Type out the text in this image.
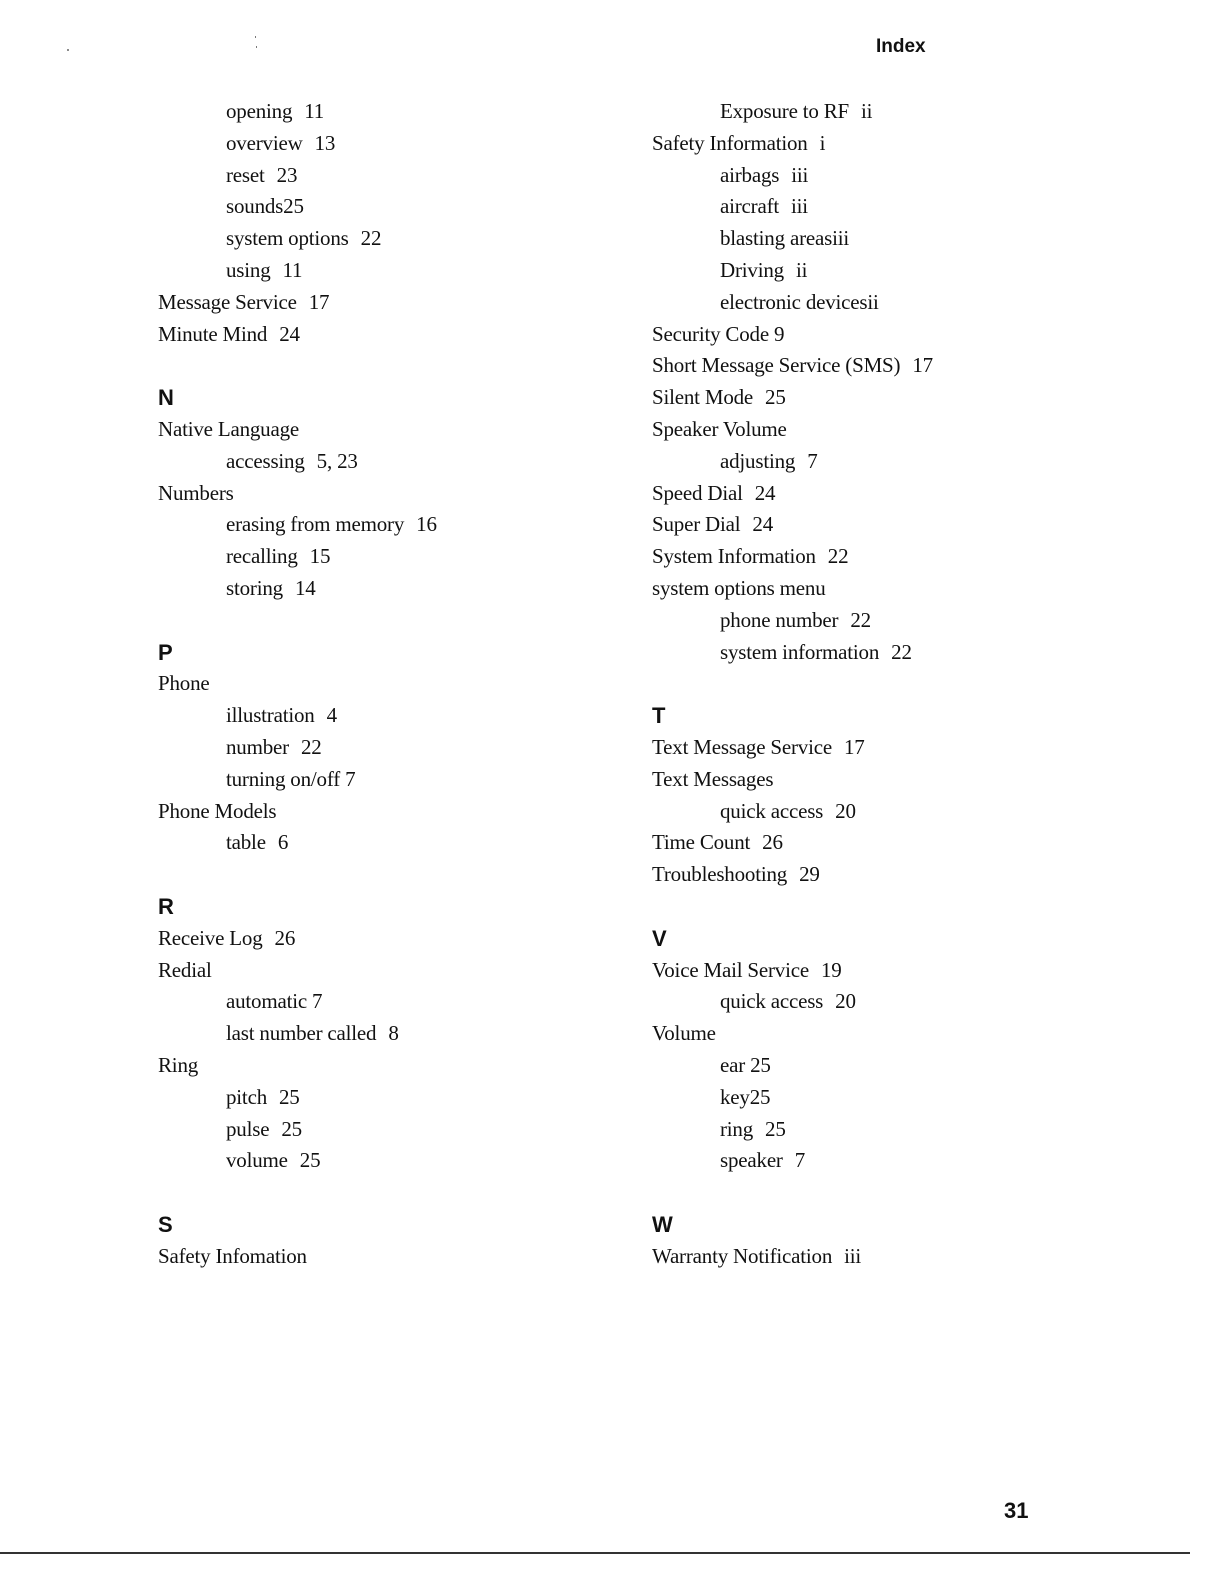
Index
opening 11
overview 13
reset 23
sounds25
system options 22
using 11
Message Service 17
Minute Mind 24
N
Native Language
accessing 5, 23
Numbers
erasing from memory 16
recalling 15
storing 14
P
Phone
illustration 4
number 22
turning on/off 7
Phone Models
table 6
R
Receive Log 26
Redial
automatic 7
last number called 8
Ring
pitch 25
pulse 25
volume 25
S
Safety Infomation
Exposure to RF ii
Safety Information i
airbags iii
aircraft iii
blasting areasiii
Driving ii
electronic devicesii
Security Code 9
Short Message Service (SMS) 17
Silent Mode 25
Speaker Volume
adjusting 7
Speed Dial 24
Super Dial 24
System Information 22
system options menu
phone number 22
system information 22
T
Text Message Service 17
Text Messages
quick access 20
Time Count 26
Troubleshooting 29
V
Voice Mail Service 19
quick access 20
Volume
ear 25
key25
ring 25
speaker 7
W
Warranty Notification iii
31
